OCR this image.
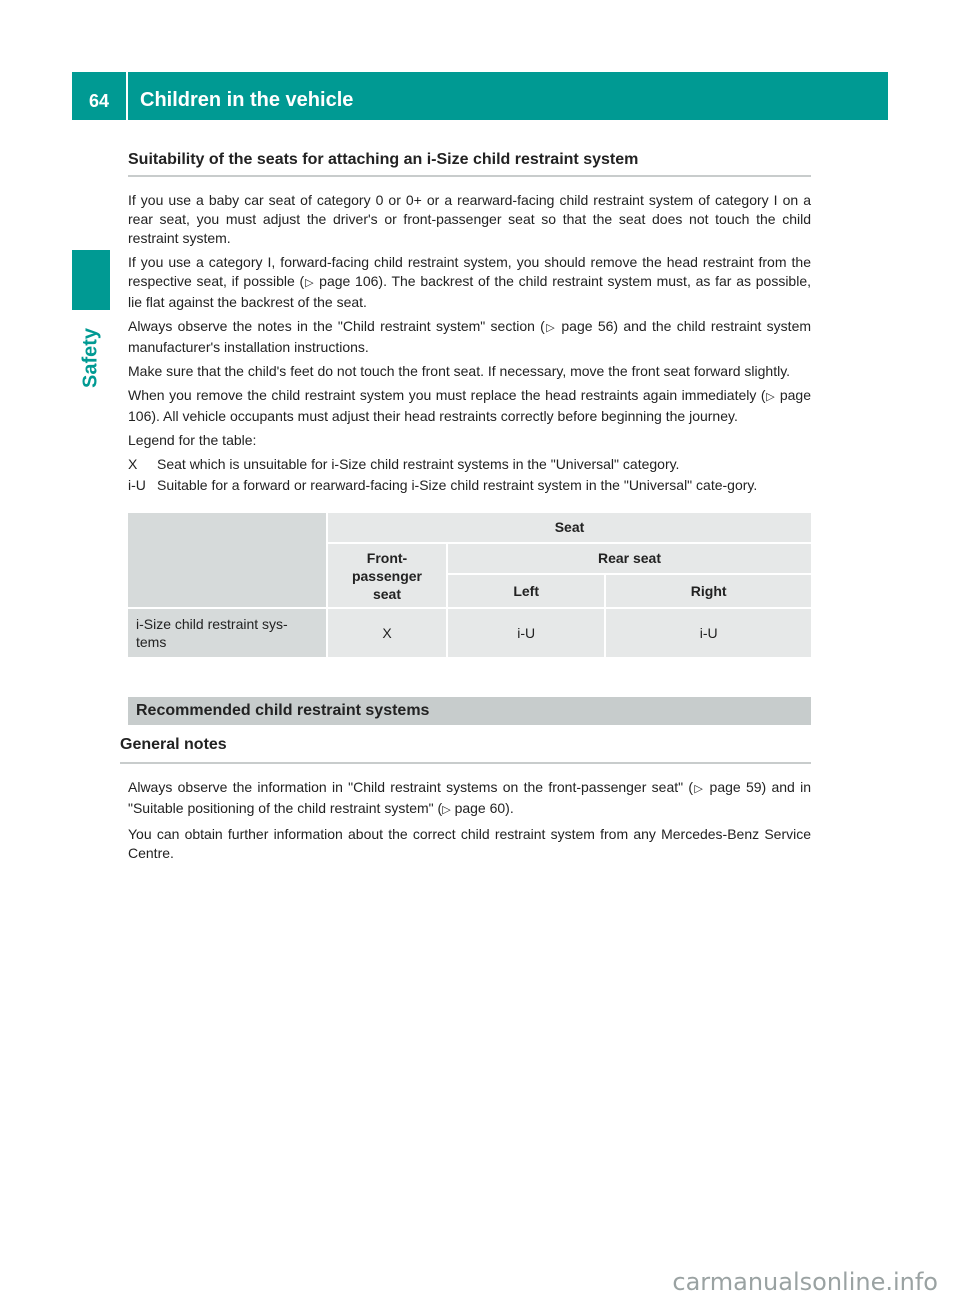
64	Children in the vehicle
Safety
Suitability of the seats for attaching an i-Size child restraint system

If you use a baby car seat of category 0 or 0+ or a rearward-facing child restraint system of category I on a rear seat, you must adjust the driver's or front-passenger seat so that the seat does not touch the child restraint system.

If you use a category I, forward-facing child restraint system, you should remove the head restraint from the respective seat, if possible (▷ page 106). The backrest of the child restraint system must, as far as possible, lie flat against the backrest of the seat.

Always observe the notes in the "Child restraint system" section (▷ page 56) and the child restraint system manufacturer's installation instructions.

Make sure that the child's feet do not touch the front seat. If necessary, move the front seat forward slightly.

When you remove the child restraint system you must replace the head restraints again immediately (▷ page 106). All vehicle occupants must adjust their head restraints correctly before beginning the journey.

Legend for the table:

X	Seat which is unsuitable for i-Size child restraint systems in the "Universal" category.
i-U Suitable for a forward or rearward-facing i-Size child restraint system in the "Universal" cate-gory.
	Seat		

	Front-passenger seat	Rear seat	
		Left	Right
i-Size child restraint sys-tems	X	i-U	i-U
Recommended child restraint systems
General notes

Always observe the information in "Child restraint systems on the front-passenger seat" (▷ page 59) and in "Suitable positioning of the child restraint system" (▷ page 60).

You can obtain further information about the correct child restraint system from any Mercedes-Benz Service Centre.

carmanualsonline.info
